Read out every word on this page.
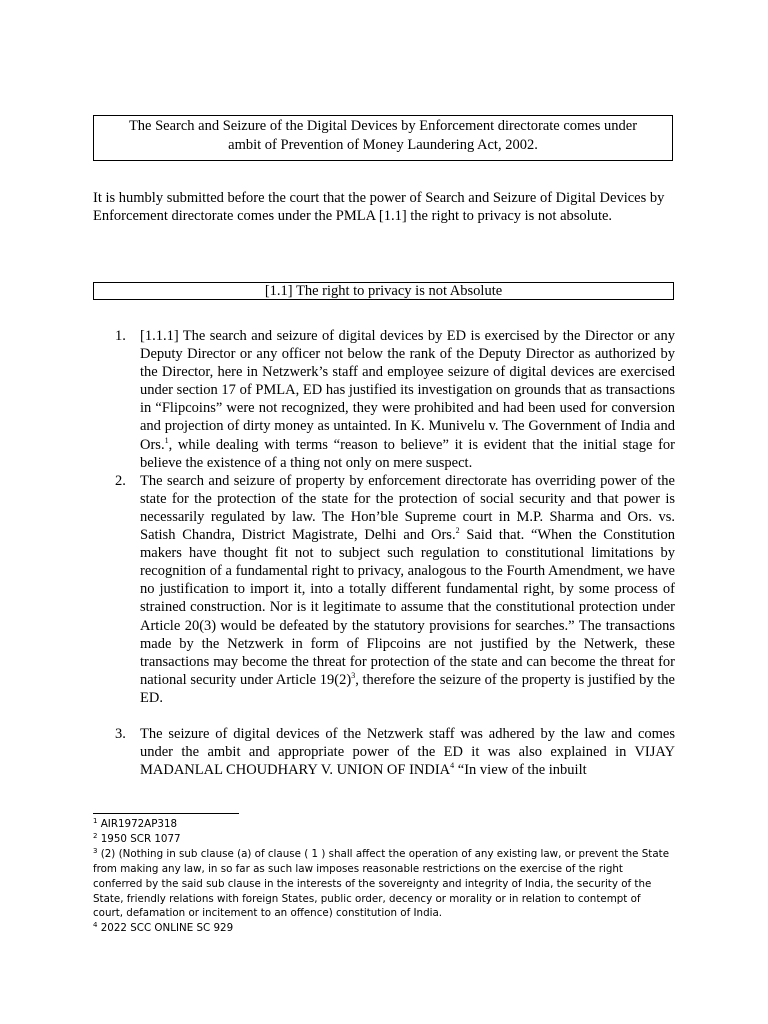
The Search and Seizure of the Digital Devices by Enforcement directorate comes under
ambit of Prevention of Money Laundering Act, 2002.

It is humbly submitted before the court that the power of Search and Seizure of Digital Devices by Enforcement directorate comes under the PMLA [1.1] the right to privacy is not absolute.

[1.1] The right to privacy is not Absolute
1. [1.1.1] The search and seizure of digital devices by ED is exercised by the Director or any Deputy Director or any officer not below the rank of the Deputy Director as authorized by the Director, here in Netzwerk’s staff and employee seizure of digital devices are exercised under section 17 of PMLA, ED has justified its investigation on grounds that as transactions in “Flipcoins” were not recognized, they were prohibited and had been used for conversion and projection of dirty money as untainted. In K. Munivelu v. The Government of India and Ors.$^1$, while dealing with terms “reason to believe” it is evident that the initial stage for believe the existence of a thing not only on mere suspect.
2. The search and seizure of property by enforcement directorate has overriding power of the state for the protection of the state for the protection of social security and that power is necessarily regulated by law. The Hon’ble Supreme court in M.P. Sharma and Ors. vs. Satish Chandra, District Magistrate, Delhi and Ors.$^2$ Said that. “When the Constitution makers have thought fit not to subject such regulation to constitutional limitations by recognition of a fundamental right to privacy, analogous to the Fourth Amendment, we have no justification to import it, into a totally different fundamental right, by some process of strained construction. Nor is it legitimate to assume that the constitutional protection under Article 20(3) would be defeated by the statutory provisions for searches.” The transactions made by the Netzwerk in form of Flipcoins are not justified by the Netwerk, these transactions may become the threat for protection of the state and can become the threat for national security under Article $19(2)^3$, therefore the seizure of the property is justified by the ED.
3. The seizure of digital devices of the Netzwerk staff was adhered by the law and comes under the ambit and appropriate power of the ED it was also explained in VIJAY MADANLAL CHOUDHARY V. UNION OF INDIA$^4$ “In view of the inbuilt

$^1$ AIR1972AP318

$^2$ 1950 SCR 1077

$^3$ (2) (Nothing in sub clause (a) of clause ( 1 ) shall affect the operation of any existing law, or prevent the State from making any law, in so far as such law imposes reasonable restrictions on the exercise of the right conferred by the said sub clause in the interests of the sovereignty and integrity of India, the security of the State, friendly relations with foreign States, public order, decency or morality or in relation to contempt of court, defamation or incitement to an offence) constitution of India.

$^4$ 2022 SCC ONLINE SC 929
